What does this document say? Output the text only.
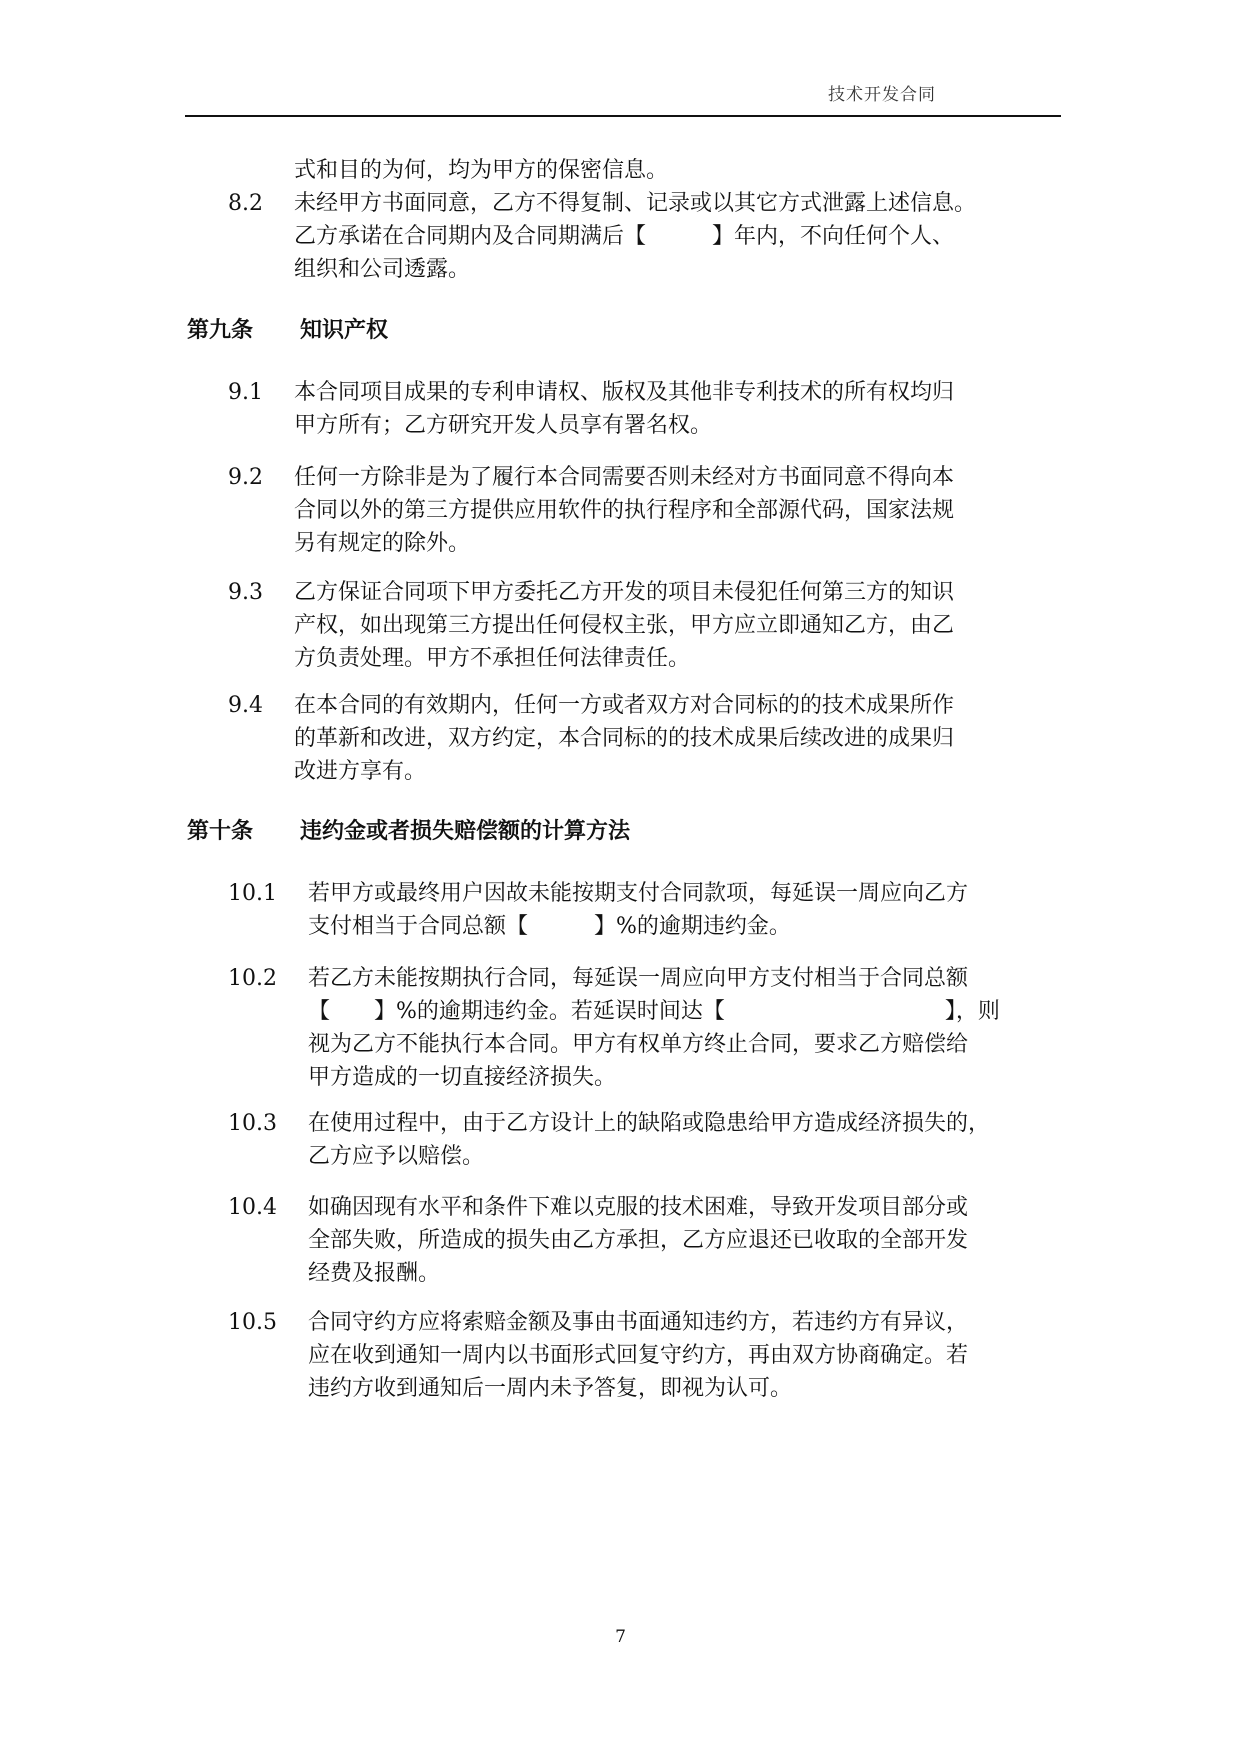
技术开发合同
式和目的为何，均为甲方的保密信息。
8.2 未经甲方书面同意，乙方不得复制、记录或以其它方式泄露上述信息。
乙方承诺在合同期内及合同期满后【　　　】年内，不向任何个人、
组织和公司透露。
第九条 知识产权
9.1 本合同项目成果的专利申请权、版权及其他非专利技术的所有权均归
甲方所有；乙方研究开发人员享有署名权。
9.2 任何一方除非是为了履行本合同需要否则未经对方书面同意不得向本
合同以外的第三方提供应用软件的执行程序和全部源代码，国家法规
另有规定的除外。
9.3 乙方保证合同项下甲方委托乙方开发的项目未侵犯任何第三方的知识
产权，如出现第三方提出任何侵权主张，甲方应立即通知乙方，由乙
方负责处理。甲方不承担任何法律责任。
9.4 在本合同的有效期内，任何一方或者双方对合同标的的技术成果所作
的革新和改进，双方约定，本合同标的的技术成果后续改进的成果归
改进方享有。
第十条 违约金或者损失赔偿额的计算方法
10.1 若甲方或最终用户因故未能按期支付合同款项，每延误一周应向乙方
支付相当于合同总额【　　　】%的逾期违约金。
10.2 若乙方未能按期执行合同，每延误一周应向甲方支付相当于合同总额
【　　】%的逾期违约金。若延误时间达【　　　　　　　　　　】，则
视为乙方不能执行本合同。甲方有权单方终止合同，要求乙方赔偿给
甲方造成的一切直接经济损失。
10.3 在使用过程中，由于乙方设计上的缺陷或隐患给甲方造成经济损失的，
乙方应予以赔偿。
10.4 如确因现有水平和条件下难以克服的技术困难，导致开发项目部分或
全部失败，所造成的损失由乙方承担，乙方应退还已收取的全部开发
经费及报酬。
10.5 合同守约方应将索赔金额及事由书面通知违约方，若违约方有异议，
应在收到通知一周内以书面形式回复守约方，再由双方协商确定。若
违约方收到通知后一周内未予答复，即视为认可。
7
